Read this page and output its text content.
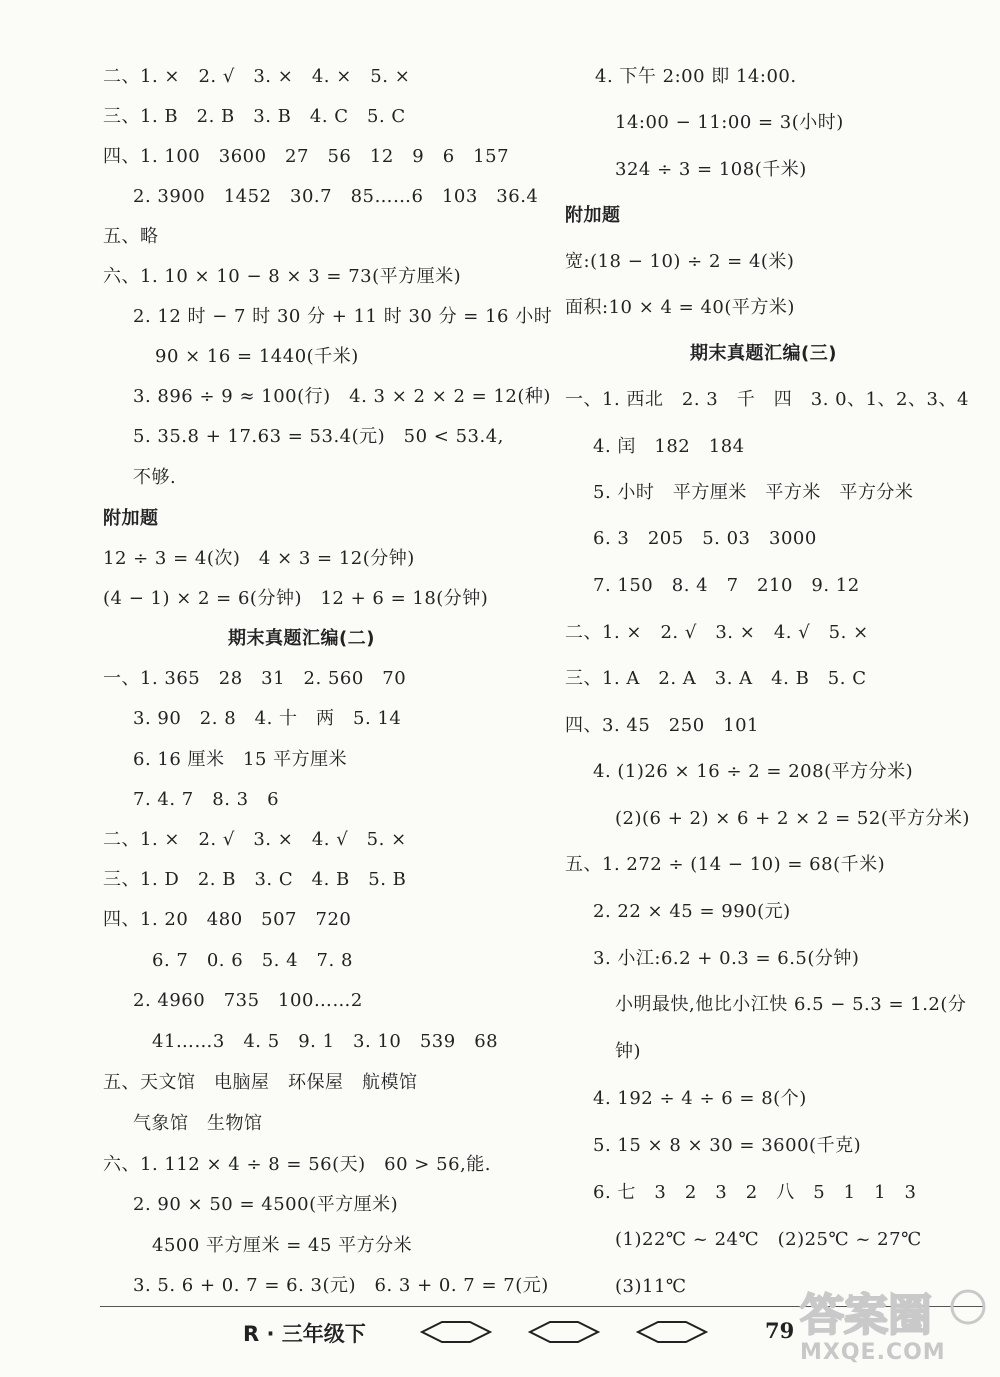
二、1. ×　2. √　3. ×　4. ×　5. ×
三、1. B　2. B　3. B　4. C　5. C
四、1. 100　3600　27　56　12　9　6　157
2. 3900　1452　30.7　85……6　103　36.4
五、略
六、1. 10 × 10 − 8 × 3 = 73(平方厘米)
2. 12 时 − 7 时 30 分 + 11 时 30 分 = 16 小时
90 × 16 = 1440(千米)
3. 896 ÷ 9 ≈ 100(行)　4. 3 × 2 × 2 = 12(种)
5. 35.8 + 17.63 = 53.4(元)　50 < 53.4,
不够.
附加题
12 ÷ 3 = 4(次)　4 × 3 = 12(分钟)
(4 − 1) × 2 = 6(分钟)　12 + 6 = 18(分钟)
期末真题汇编(二)
一、1. 365　28　31　2. 560　70
3. 90　2. 8　4. 十　两　5. 14
6. 16 厘米　15 平方厘米
7. 4. 7　8. 3　6
二、1. ×　2. √　3. ×　4. √　5. ×
三、1. D　2. B　3. C　4. B　5. B
四、1. 20　480　507　720
6. 7　0. 6　5. 4　7. 8
2. 4960　735　100……2
41……3　4. 5　9. 1　3. 10　539　68
五、天文馆　电脑屋　环保屋　航模馆
气象馆　生物馆
六、1. 112 × 4 ÷ 8 = 56(天)　60 > 56,能.
2. 90 × 50 = 4500(平方厘米)
4500 平方厘米 = 45 平方分米
3. 5. 6 + 0. 7 = 6. 3(元)　6. 3 + 0. 7 = 7(元)
4. 下午 2:00 即 14:00.
14:00 − 11:00 = 3(小时)
324 ÷ 3 = 108(千米)
附加题
宽:(18 − 10) ÷ 2 = 4(米)
面积:10 × 4 = 40(平方米)
期末真题汇编(三)
一、1. 西北　2. 3　千　四　3. 0、1、2、3、4
4. 闰　182　184
5. 小时　平方厘米　平方米　平方分米
6. 3　205　5. 03　3000
7. 150　8. 4　7　210　9. 12
二、1. ×　2. √　3. ×　4. √　5. ×
三、1. A　2. A　3. A　4. B　5. C
四、3. 45　250　101
4. (1)26 × 16 ÷ 2 = 208(平方分米)
(2)(6 + 2) × 6 + 2 × 2 = 52(平方分米)
五、1. 272 ÷ (14 − 10) = 68(千米)
2. 22 × 45 = 990(元)
3. 小江:6.2 + 0.3 = 6.5(分钟)
小明最快,他比小江快 6.5 − 5.3 = 1.2(分
钟)
4. 192 ÷ 4 ÷ 6 = 8(个)
5. 15 × 8 × 30 = 3600(千克)
6. 七　3　2　3　2　八　5　1　1　3
(1)22℃ ~ 24℃　(2)25℃ ~ 27℃
(3)11℃
R · 三年级下	79 答案圈
MXQE.COM
